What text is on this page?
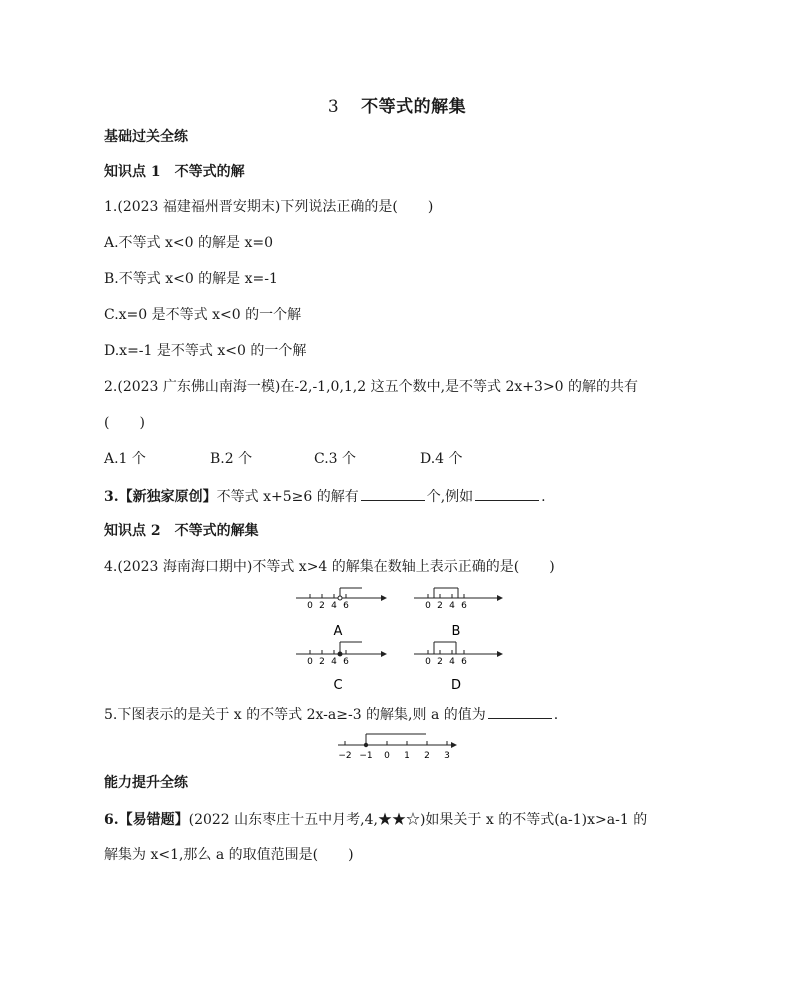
3 不等式的解集
基础过关全练
知识点 1　不等式的解
1.(2023 福建福州晋安期末)下列说法正确的是( )
A.不等式 x<0 的解是 x=0
B.不等式 x<0 的解是 x=-1
C.x=0 是不等式 x<0 的一个解
D.x=-1 是不等式 x<0 的一个解
2.(2023 广东佛山南海一模)在-2,-1,0,1,2 这五个数中,是不等式 2x+3>0 的解的共有
( )
A.1 个	B.2 个	C.3 个	D.4 个
3.【新独家原创】不等式 x+5≥6 的解有	个,例如	.
知识点 2　不等式的解集
4.(2023 海南海口期中)不等式 x>4 的解集在数轴上表示正确的是( )
0 2 4 6
A
0 2 4 6
B
0 2 4 6
C
0 2 4 6
D
−2 −1 0 1 2 3
5.下图表示的是关于 x 的不等式 2x-a≥-3 的解集,则 a 的值为	.
能力提升全练
6.【易错题】(2022 山东枣庄十五中月考,4,★★☆)如果关于 x 的不等式(a-1)x>a-1 的
解集为 x<1,那么 a 的取值范围是( )
